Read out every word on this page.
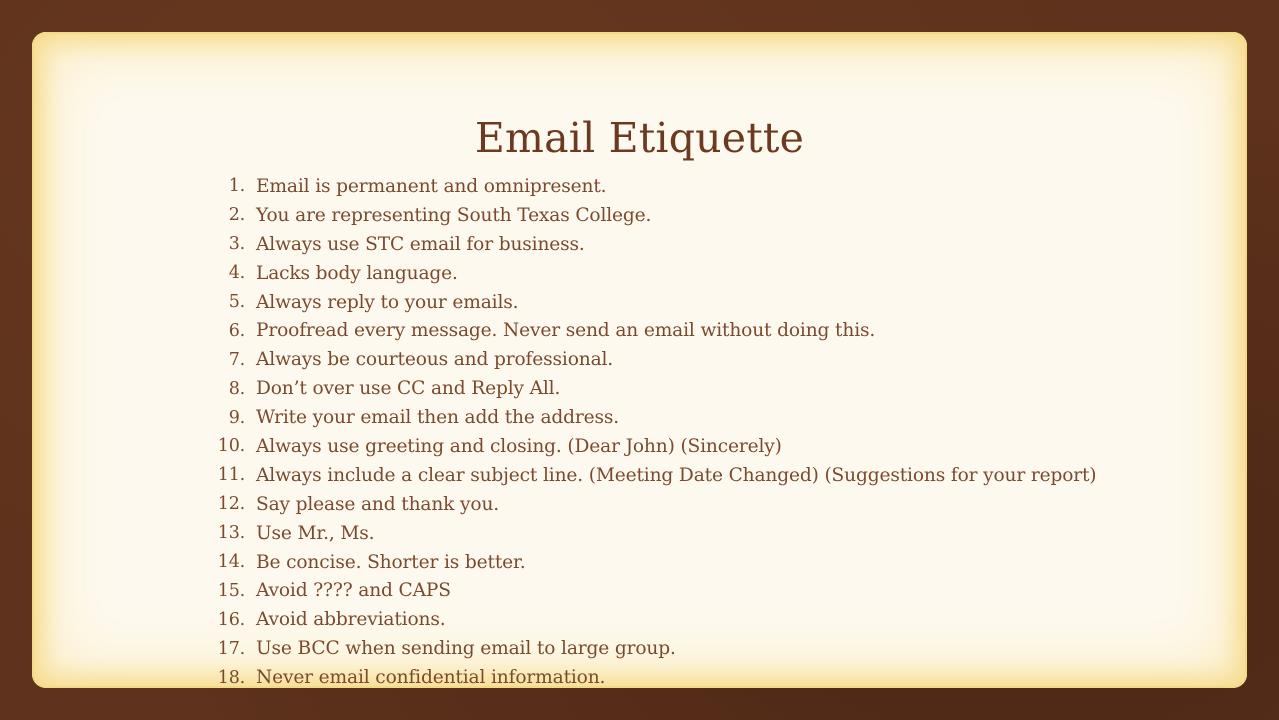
Email Etiquette
1. Email is permanent and omnipresent.
2. You are representing South Texas College.
3. Always use STC email for business.
4. Lacks body language.
5. Always reply to your emails.
6. Proofread every message. Never send an email without doing this.
7. Always be courteous and professional.
8. Don’t over use CC and Reply All.
9. Write your email then add the address.
10. Always use greeting and closing. (Dear John) (Sincerely)
11. Always include a clear subject line. (Meeting Date Changed) (Suggestions for your report)
12. Say please and thank you.
13. Use Mr., Ms.
14. Be concise. Shorter is better.
15. Avoid ???? and CAPS
16. Avoid abbreviations.
17. Use BCC when sending email to large group.
18. Never email confidential information.
